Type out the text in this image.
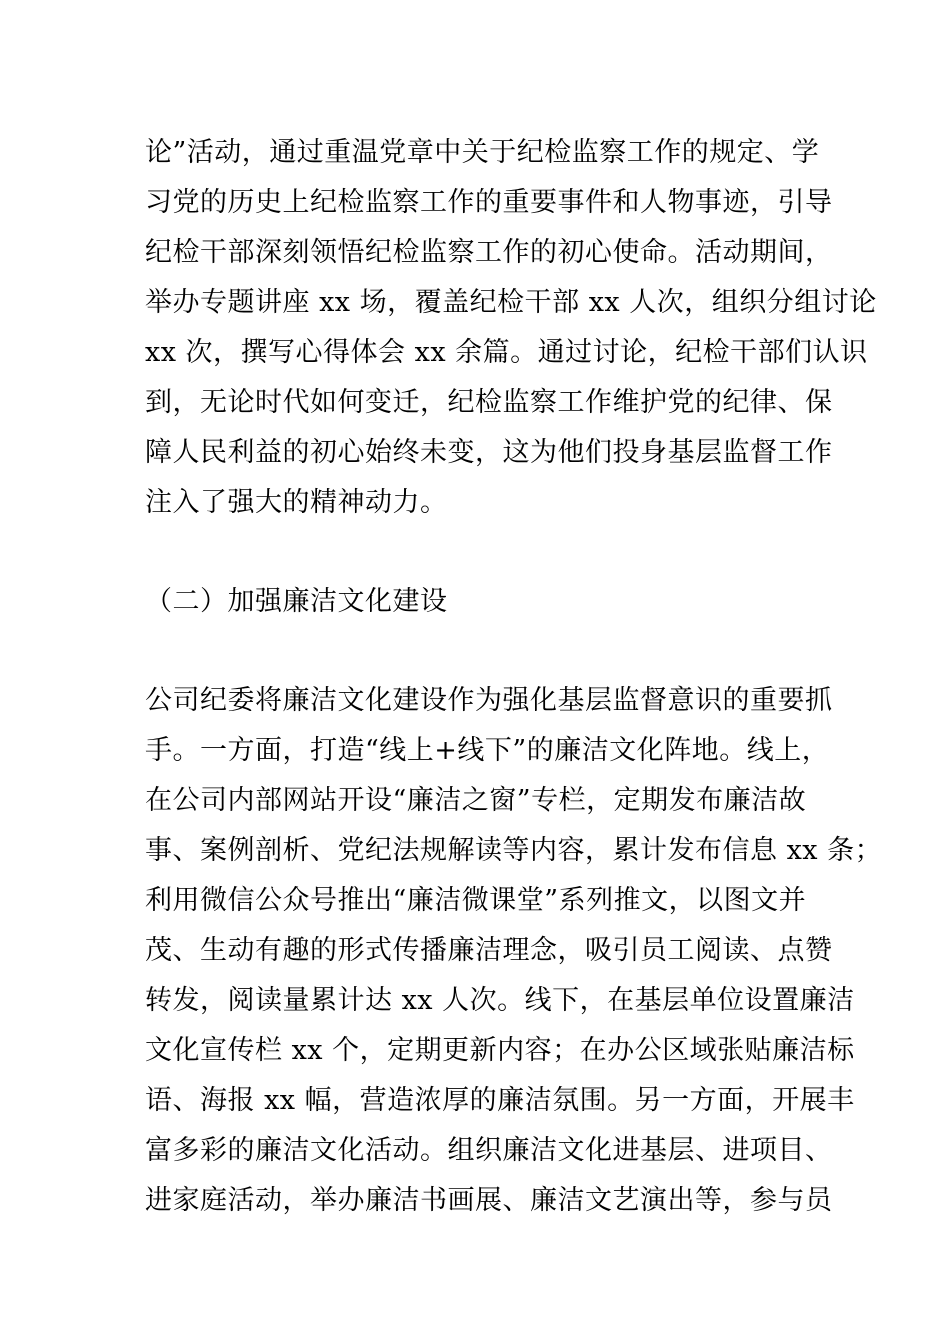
论”活动，通过重温党章中关于纪检监察工作的规定、学
习党的历史上纪检监察工作的重要事件和人物事迹，引导
纪检干部深刻领悟纪检监察工作的初心使命。活动期间，
举办专题讲座 xx 场，覆盖纪检干部 xx 人次，组织分组讨论
xx 次，撰写心得体会 xx 余篇。通过讨论，纪检干部们认识
到，无论时代如何变迁，纪检监察工作维护党的纪律、保
障人民利益的初心始终未变，这为他们投身基层监督工作
注入了强大的精神动力。
（二）加强廉洁文化建设
公司纪委将廉洁文化建设作为强化基层监督意识的重要抓
手。一方面，打造“线上+线下”的廉洁文化阵地。线上，
在公司内部网站开设“廉洁之窗”专栏，定期发布廉洁故
事、案例剖析、党纪法规解读等内容，累计发布信息 xx 条；
利用微信公众号推出“廉洁微课堂”系列推文，以图文并
茂、生动有趣的形式传播廉洁理念，吸引员工阅读、点赞
转发，阅读量累计达 xx 人次。线下，在基层单位设置廉洁
文化宣传栏 xx 个，定期更新内容；在办公区域张贴廉洁标
语、海报 xx 幅，营造浓厚的廉洁氛围。另一方面，开展丰
富多彩的廉洁文化活动。组织廉洁文化进基层、进项目、
进家庭活动，举办廉洁书画展、廉洁文艺演出等，参与员
